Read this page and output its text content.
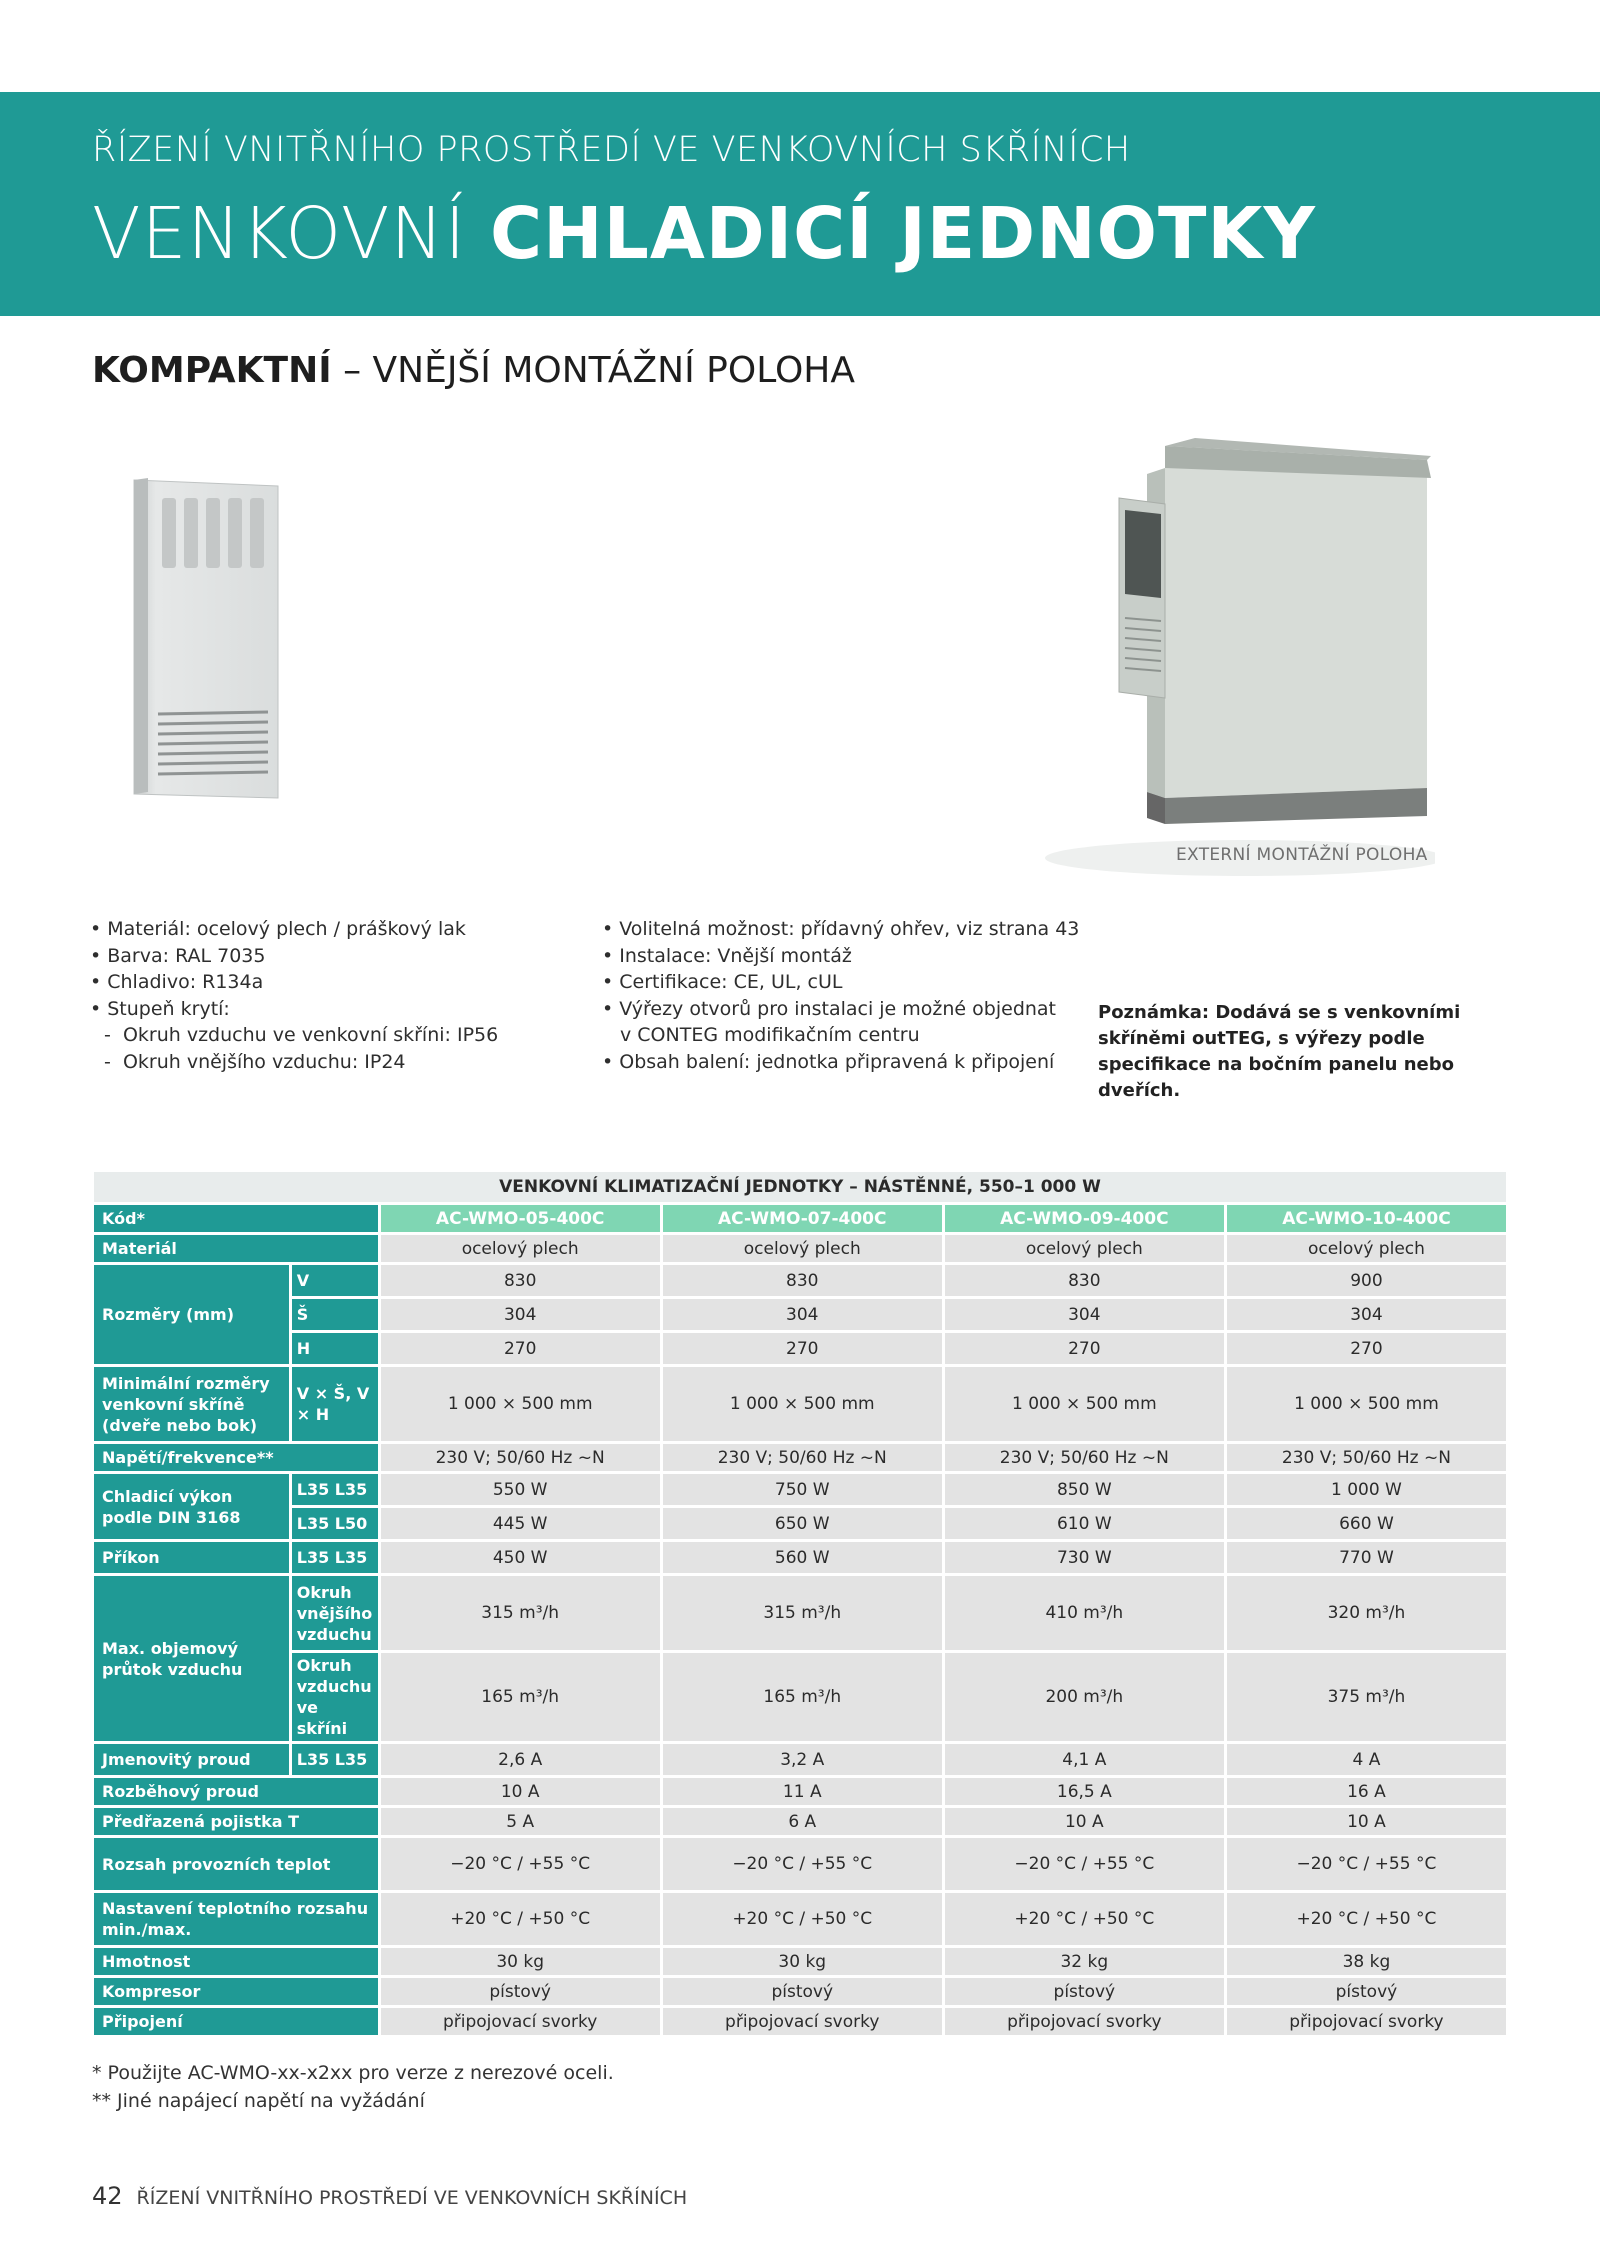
ŘÍZENÍ VNITŘNÍHO PROSTŘEDÍ VE VENKOVNÍCH SKŘÍNÍCH
VENKOVNÍ CHLADICÍ JEDNOTKY
KOMPAKTNÍ – VNĚJŠÍ MONTÁŽNÍ POLOHA
EXTERNÍ MONTÁŽNÍ POLOHA
• Materiál: ocelový plech / práškový lak
• Barva: RAL 7035
• Chladivo: R134a
• Stupeň krytí:
-  Okruh vzduchu ve venkovní skříni: IP56
-  Okruh vnějšího vzduchu: IP24
• Volitelná možnost: přídavný ohřev, viz strana 43
• Instalace: Vnější montáž
• Certifikace: CE, UL, cUL
• Výřezy otvorů pro instalaci je možné objednat
v CONTEG modifikačním centru
• Obsah balení: jednotka připravená k připojení
Poznámka: Dodává se s venkovními skříněmi outTEG, s výřezy podle specifikace na bočním panelu nebo dveřích.
VENKOVNÍ KLIMATIZAČNÍ JEDNOTKY – NÁSTĚNNÉ, 550–1 000 W					
Kód*		AC-WMO-05-400C	AC-WMO-07-400C	AC-WMO-09-400C	AC-WMO-10-400C
Materiál		ocelový plech	ocelový plech	ocelový plech	ocelový plech
Rozměry (mm)	V	830	830	830	900
	Š	304	304	304	304
	H	270	270	270	270
Minimální rozměry venkovní skříně (dveře nebo bok)	V × Š, V × H	1 000 × 500 mm	1 000 × 500 mm	1 000 × 500 mm	1 000 × 500 mm
Napětí/frekvence**		230 V; 50/60 Hz ~N	230 V; 50/60 Hz ~N	230 V; 50/60 Hz ~N	230 V; 50/60 Hz ~N
Chladicí výkon podle DIN 3168	L35 L35	550 W	750 W	850 W	1 000 W
	L35 L50	445 W	650 W	610 W	660 W
Příkon	L35 L35	450 W	560 W	730 W	770 W
Max. objemový průtok vzduchu	Okruh vnějšího vzduchu	315 m³/h	315 m³/h	410 m³/h	320 m³/h
	Okruh vzduchu ve skříni	165 m³/h	165 m³/h	200 m³/h	375 m³/h
Jmenovitý proud	L35 L35	2,6 A	3,2 A	4,1 A	4 A
Rozběhový proud		10 A	11 A	16,5 A	16 A
Předřazená pojistka T		5 A	6 A	10 A	10 A
Rozsah provozních teplot		−20 °C / +55 °C	−20 °C / +55 °C	−20 °C / +55 °C	−20 °C / +55 °C
Nastavení teplotního rozsahu min./max.		+20 °C / +50 °C	+20 °C / +50 °C	+20 °C / +50 °C	+20 °C / +50 °C
Hmotnost		30 kg	30 kg	32 kg	38 kg
Kompresor		pístový	pístový	pístový	pístový
Připojení		připojovací svorky	připojovací svorky	připojovací svorky	připojovací svorky
* Použijte AC-WMO-xx-x2xx pro verze z nerezové oceli.
** Jiné napájecí napětí na vyžádání
42 ŘÍZENÍ VNITŘNÍHO PROSTŘEDÍ VE VENKOVNÍCH SKŘÍNÍCH
